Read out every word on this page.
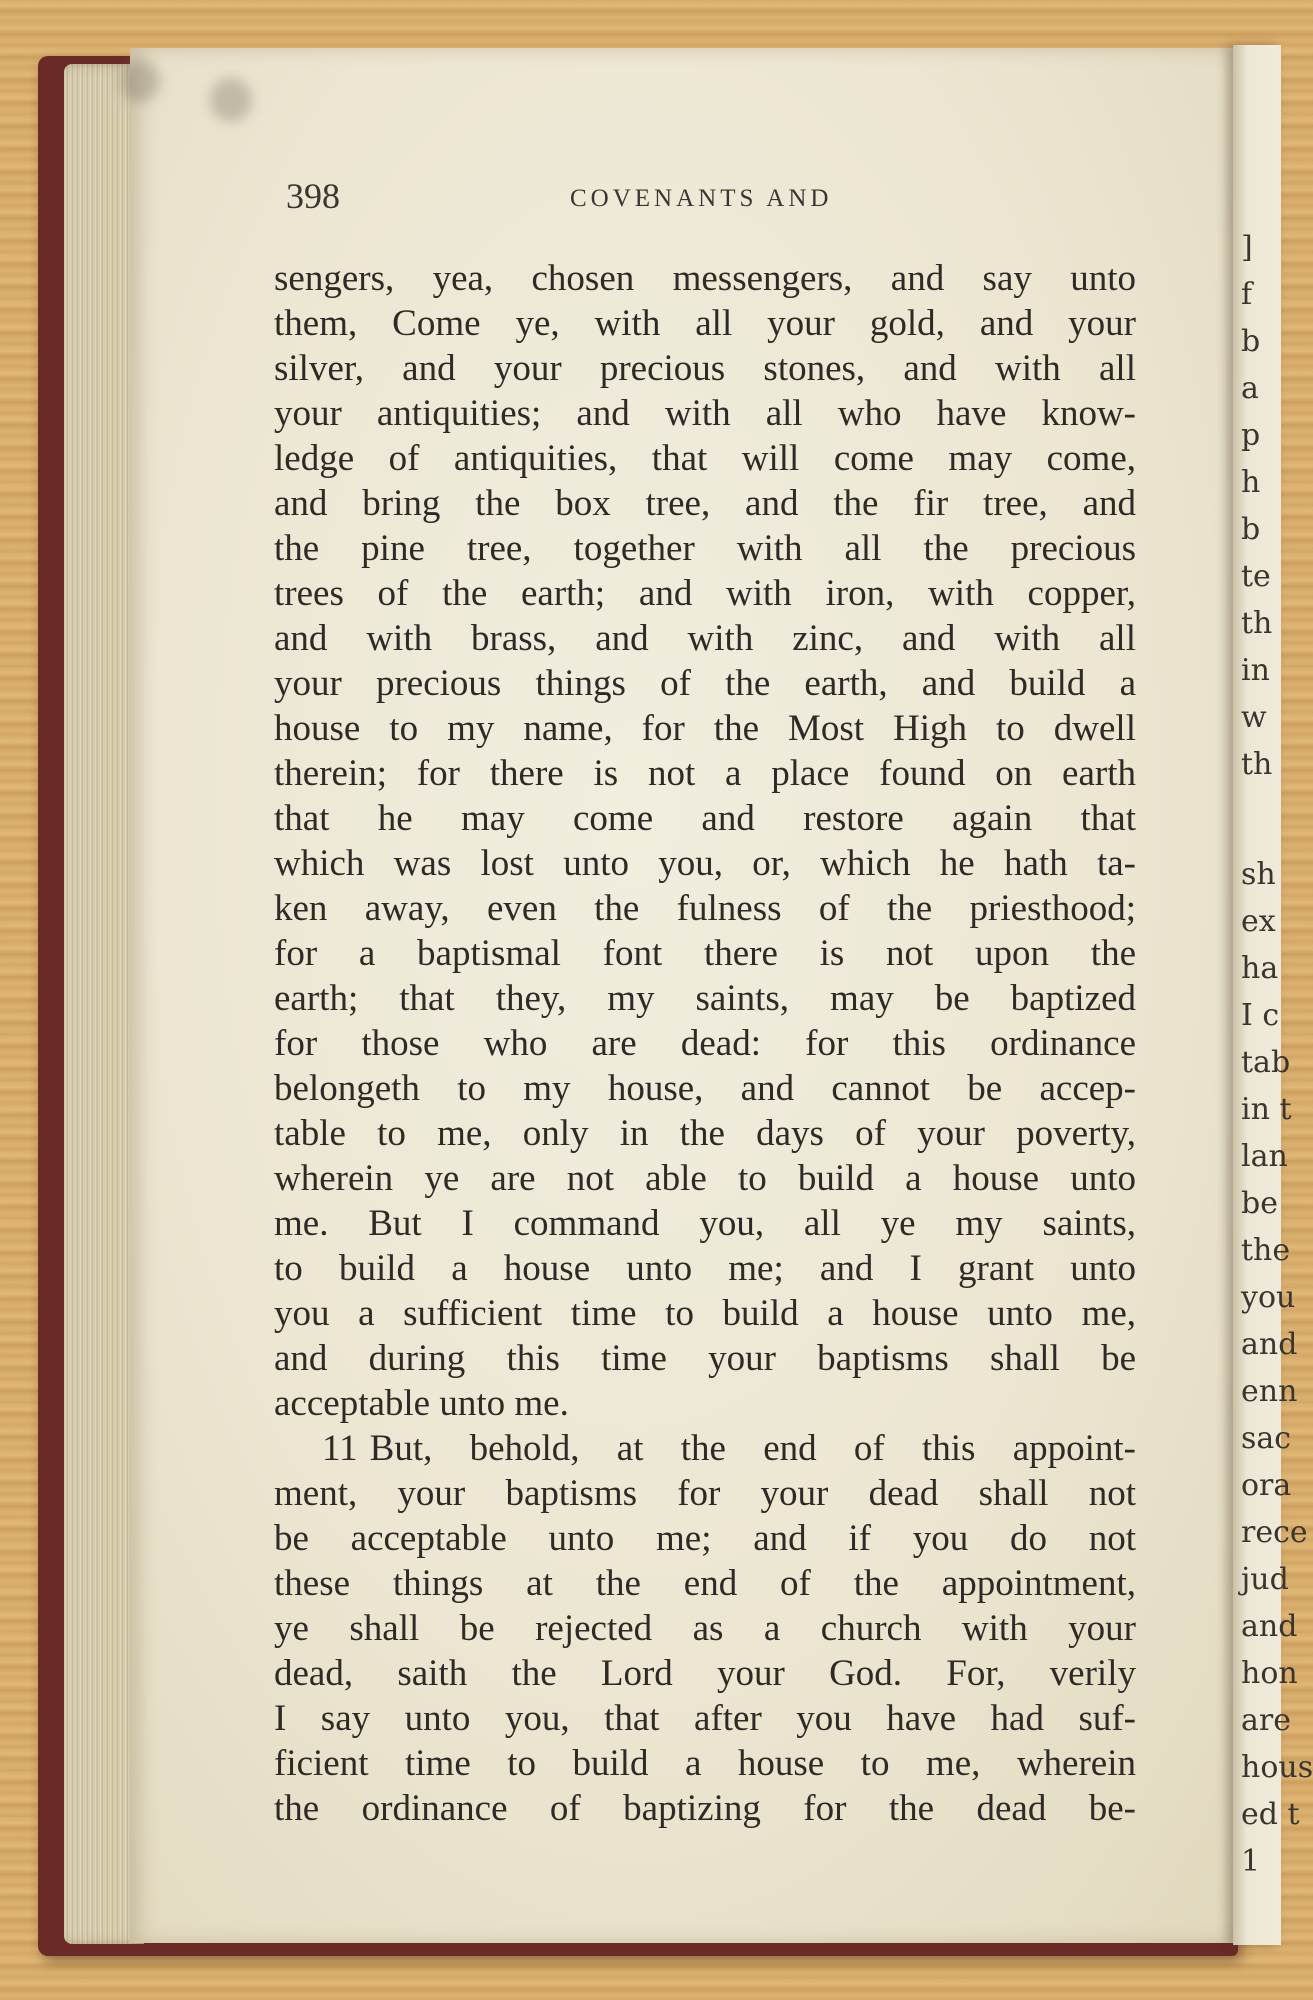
]
f
b
a
p
h
b
te
th
in
w
th
sh
ex
ha
I c
tab
in t
lan
be
the
you
and
enn
sac
ora
rece
jud
and
hon
are
hous
ed t
1
398	COVENANTS AND
sengers, yea, chosen messengers, and say unto
them, Come ye, with all your gold, and your
silver, and your precious stones, and with all
your antiquities; and with all who have know-
ledge of antiquities, that will come may come,
and bring the box tree, and the fir tree, and
the pine tree, together with all the precious
trees of the earth; and with iron, with copper,
and with brass, and with zinc, and with all
your precious things of the earth, and build a
house to my name, for the Most High to dwell
therein; for there is not a place found on earth
that he may come and restore again that
which was lost unto you, or, which he hath ta-
ken away, even the fulness of the priesthood;
for a baptismal font there is not upon the
earth; that they, my saints, may be baptized
for those who are dead: for this ordinance
belongeth to my house, and cannot be accep-
table to me, only in the days of your poverty,
wherein ye are not able to build a house unto
me. But I command you, all ye my saints,
to build a house unto me; and I grant unto
you a sufficient time to build a house unto me,
and during this time your baptisms shall be
acceptable unto me.
11 But, behold, at the end of this appoint-
ment, your baptisms for your dead shall not
be acceptable unto me; and if you do not
these things at the end of the appointment,
ye shall be rejected as a church with your
dead, saith the Lord your God. For, verily
I say unto you, that after you have had suf-
ficient time to build a house to me, wherein
the ordinance of baptizing for the dead be-
